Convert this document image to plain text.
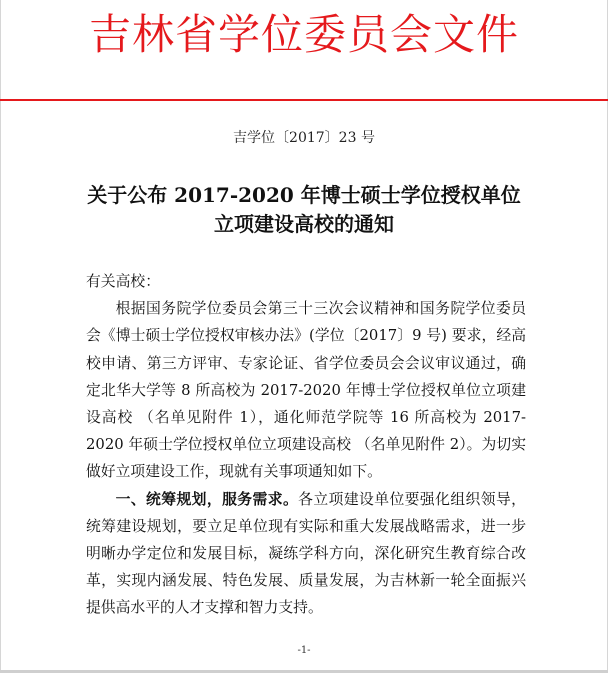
吉林省学位委员会文件
吉学位〔2017〕23 号
关于公布 2017-2020 年博士硕士学位授权单位
立项建设高校的通知

有关高校：

根据国务院学位委员会第三十三次会议精神和国务院学位委员会《博士硕士学位授权审核办法》(学位〔2017〕9 号) 要求，经高校申请、第三方评审、专家论证、省学位委员会会议审议通过，确定北华大学等 8 所高校为 2017-2020 年博士学位授权单位立项建设高校 （名单见附件 1），通化师范学院等 16 所高校为 2017-2020 年硕士学位授权单位立项建设高校 （名单见附件 2）。为切实做好立项建设工作，现就有关事项通知如下。

一、统筹规划，服务需求。各立项建设单位要强化组织领导，统筹建设规划，要立足单位现有实际和重大发展战略需求，进一步明晰办学定位和发展目标，凝练学科方向，深化研究生教育综合改革，实现内涵发展、特色发展、质量发展，为吉林新一轮全面振兴提供高水平的人才支撑和智力支持。

-1-
